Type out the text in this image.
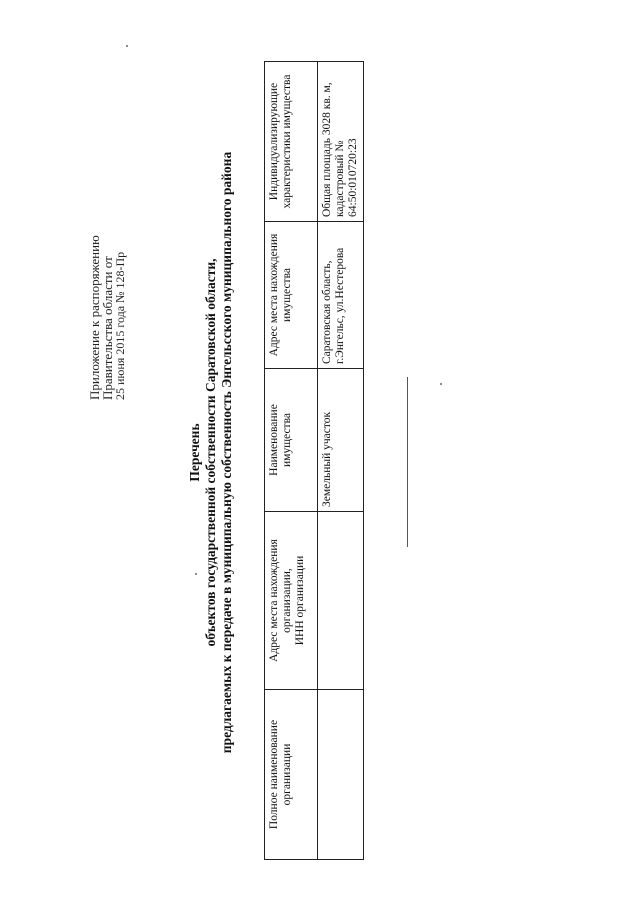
Приложение к распоряжению
Правительства области от
25 июня 2015 года № 128-Пр
Перечень объектов государственной собственности Саратовской области, предлагаемых к передаче в муниципальную собственность Энгельсского муниципального района
Полное наименование организации	Адрес места нахождения организации, ИНН организации	Наименование имущества	Адрес места нахождения имущества	Индивидуализирующие характеристики имущества

		Земельный участок	Саратовская область, г.Энгельс, ул.Нестерова	Общая площадь 3028 кв. м, кадастровый № 64:50:010720:23
